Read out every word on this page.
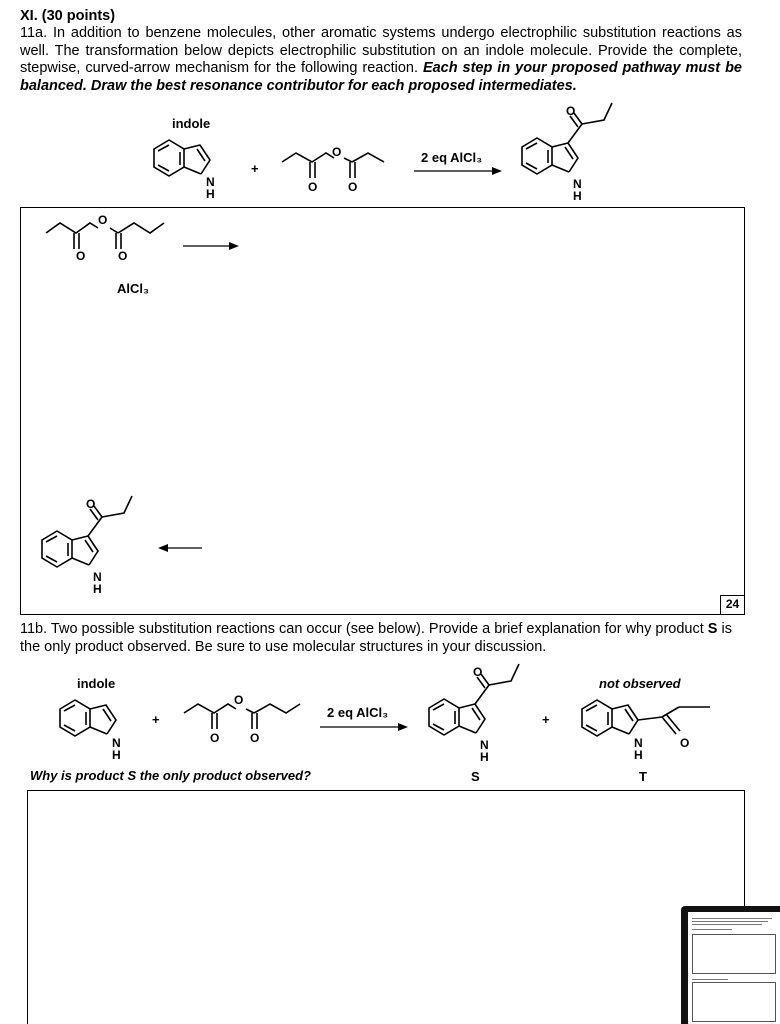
XI. (30 points)
11a. In addition to benzene molecules, other aromatic systems undergo electrophilic substitution reactions as well. The transformation below depicts electrophilic substitution on an indole molecule. Provide the complete, stepwise, curved-arrow mechanism for the following reaction. Each step in your proposed pathway must be balanced. Draw the best resonance contributor for each proposed intermediates.
indole
N
H
+
O
O	O
2 eq AlCl₃
O
N
H
O
O	O
AlCl₃
O
N
H
24
11b. Two possible substitution reactions can occur (see below). Provide a brief explanation for why product S is the only product observed. Be sure to use molecular structures in your discussion.
indole
N
H
+
O
O	O
2 eq AlCl₃
O
N
H
S
+
not observed
O
N
H
T
Why is product S the only product observed?
